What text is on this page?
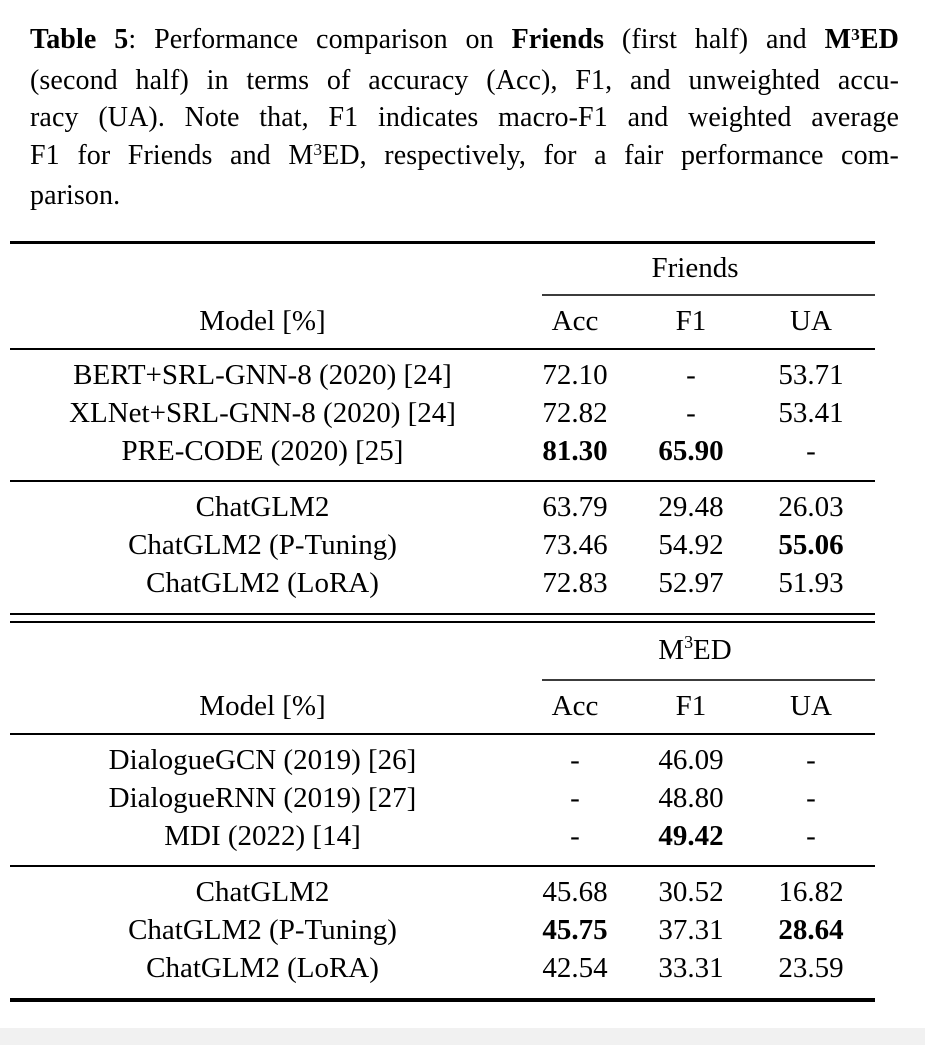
Table 5: Performance comparison on Friends (first half) and $M^3ED$
(second half) in terms of accuracy (Acc), F1, and unweighted accu-
racy (UA). Note that, F1 indicates macro-F1 and weighted average
F1 for Friends and $M^3ED$, respectively, for a fair performance com-
parison.

	Friends		

Model [%]	Acc	F1	UA
BERT+SRL-GNN-8 (2020) [24]	72.10	-	53.71
XLNet+SRL-GNN-8 (2020) [24]	72.82	-	53.41
PRE-CODE (2020) [25]	81.30	65.90	-
ChatGLM2	63.79	29.48	26.03
ChatGLM2 (P-Tuning)	73.46	54.92	55.06
ChatGLM2 (LoRA)	72.83	52.97	51.93

	M 3 ED		

Model [%]	Acc	F1	UA
DialogueGCN (2019) [26]	-	46.09	-
DialogueRNN (2019) [27]	-	48.80	-
MDI (2022) [14]	-	49.42	-
ChatGLM2	45.68	30.52	16.82
ChatGLM2 (P-Tuning)	45.75	37.31	28.64
ChatGLM2 (LoRA)	42.54	33.31	23.59
